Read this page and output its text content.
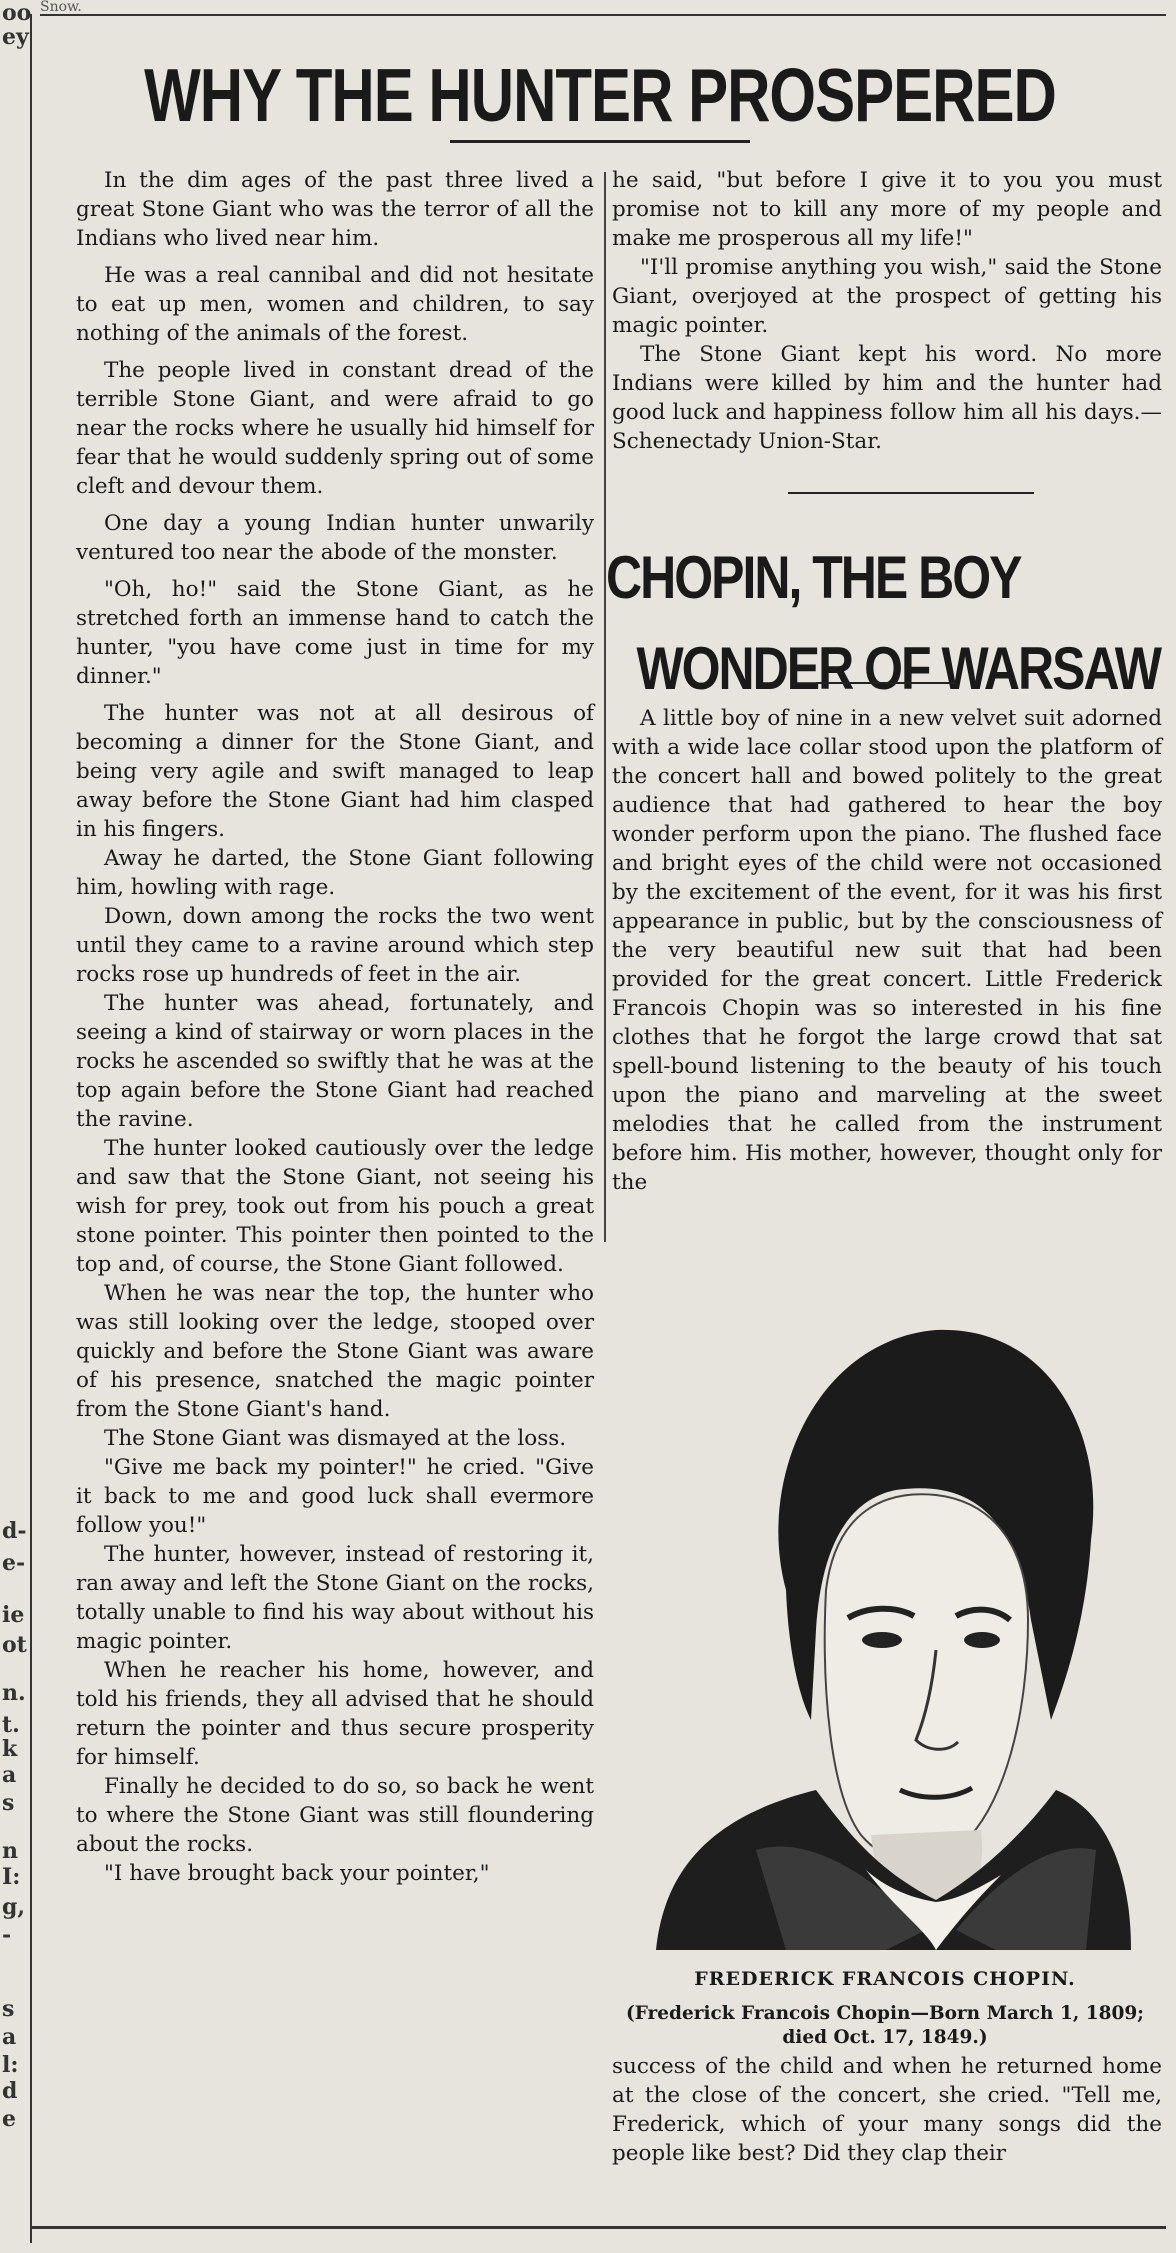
Snow.
oo
ey
d-
e-
ie
ot
n.
t.
k
a
s
n
I:
g,
-
s
a
l:
d
e
WHY THE HUNTER PROSPERED

In the dim ages of the past three lived a great Stone Giant who was the terror of all the Indians who lived near him.

He was a real cannibal and did not hesitate to eat up men, women and children, to say nothing of the animals of the forest.

The people lived in constant dread of the terrible Stone Giant, and were afraid to go near the rocks where he usually hid himself for fear that he would suddenly spring out of some cleft and devour them.

One day a young Indian hunter unwarily ventured too near the abode of the monster.

"Oh, ho!" said the Stone Giant, as he stretched forth an immense hand to catch the hunter, "you have come just in time for my dinner."

The hunter was not at all desirous of becoming a dinner for the Stone Giant, and being very agile and swift managed to leap away before the Stone Giant had him clasped in his fingers.

Away he darted, the Stone Giant following him, howling with rage.

Down, down among the rocks the two went until they came to a ravine around which step rocks rose up hundreds of feet in the air.

The hunter was ahead, fortunately, and seeing a kind of stairway or worn places in the rocks he ascended so swiftly that he was at the top again before the Stone Giant had reached the ravine.

The hunter looked cautiously over the ledge and saw that the Stone Giant, not seeing his wish for prey, took out from his pouch a great stone pointer. This pointer then pointed to the top and, of course, the Stone Giant followed.

When he was near the top, the hunter who was still looking over the ledge, stooped over quickly and before the Stone Giant was aware of his presence, snatched the magic pointer from the Stone Giant's hand.

The Stone Giant was dismayed at the loss.

"Give me back my pointer!" he cried. "Give it back to me and good luck shall evermore follow you!"

The hunter, however, instead of restoring it, ran away and left the Stone Giant on the rocks, totally unable to find his way about without his magic pointer.

When he reacher his home, however, and told his friends, they all advised that he should return the pointer and thus secure prosperity for himself.

Finally he decided to do so, so back he went to where the Stone Giant was still floundering about the rocks.

"I have brought back your pointer,"

he said, "but before I give it to you you must promise not to kill any more of my people and make me prosperous all my life!"

"I'll promise anything you wish," said the Stone Giant, overjoyed at the prospect of getting his magic pointer.

The Stone Giant kept his word. No more Indians were killed by him and the hunter had good luck and happiness follow him all his days.—Schenectady Union-Star.

CHOPIN, THE BOY
WONDER OF WARSAW

A little boy of nine in a new velvet suit adorned with a wide lace collar stood upon the platform of the concert hall and bowed politely to the great audience that had gathered to hear the boy wonder perform upon the piano. The flushed face and bright eyes of the child were not occasioned by the excitement of the event, for it was his first appearance in public, but by the consciousness of the very beautiful new suit that had been provided for the great concert. Little Frederick Francois Chopin was so interested in his fine clothes that he forgot the large crowd that sat spell-bound listening to the beauty of his touch upon the piano and marveling at the sweet melodies that he called from the instrument before him. His mother, however, thought only for the

FREDERICK FRANCOIS CHOPIN.
(Frederick Francois Chopin—Born March 1, 1809; died Oct. 17, 1849.)

success of the child and when he returned home at the close of the concert, she cried. "Tell me, Frederick, which of your many songs did the people like best? Did they clap their
